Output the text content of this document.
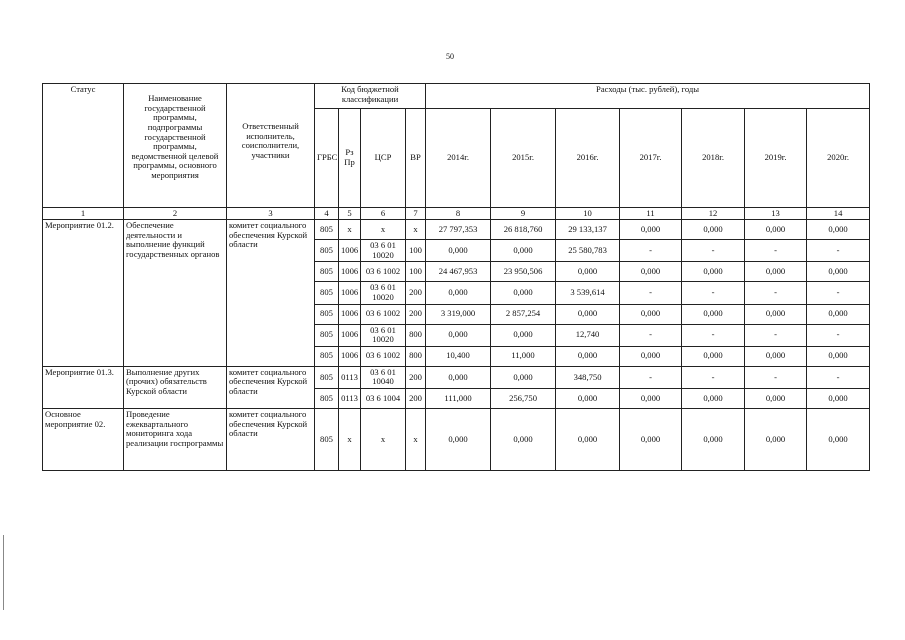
50
Статус	Наименование государственной программы, подпрограммы государственной программы, ведомственной целевой программы, основного мероприятия	Ответственный исполнитель, соисполнители, участники	Код бюджетной классификации				Расходы (тыс. рублей), годы						
			ГРБС	Рз Пр	ЦСР	ВР	2014г.	2015г.	2016г.	2017г.	2018г.	2019г.	2020г.
1	2	3	4	5	6	7	8	9	10	11	12	13	14
Мероприятие 01.2.	Обеспечение деятельности и выполнение функций государственных органов	комитет социального обеспечения Курской области	805	х	х	х	27 797,353	26 818,760	29 133,137	0,000	0,000	0,000	0,000
			805	1006	03 6 01 10020	100	0,000	0,000	25 580,783	-	-	-	-
			805	1006	03 6 1002	100	24 467,953	23 950,506	0,000	0,000	0,000	0,000	0,000
			805	1006	03 6 01 10020	200	0,000	0,000	3 539,614	-	-	-	-
			805	1006	03 6 1002	200	3 319,000	2 857,254	0,000	0,000	0,000	0,000	0,000
			805	1006	03 6 01 10020	800	0,000	0,000	12,740	-	-	-	-
			805	1006	03 6 1002	800	10,400	11,000	0,000	0,000	0,000	0,000	0,000
Мероприятие 01.3.	Выполнение других (прочих) обязательств Курской области	комитет социального обеспечения Курской области	805	0113	03 6 01 10040	200	0,000	0,000	348,750	-	-	-	-
			805	0113	03 6 1004	200	111,000	256,750	0,000	0,000	0,000	0,000	0,000
Основное мероприятие 02.	Проведение ежеквартального мониторинга хода реализации госпрограммы	комитет социального обеспечения Курской области	805	х	х	х	0,000	0,000	0,000	0,000	0,000	0,000	0,000
